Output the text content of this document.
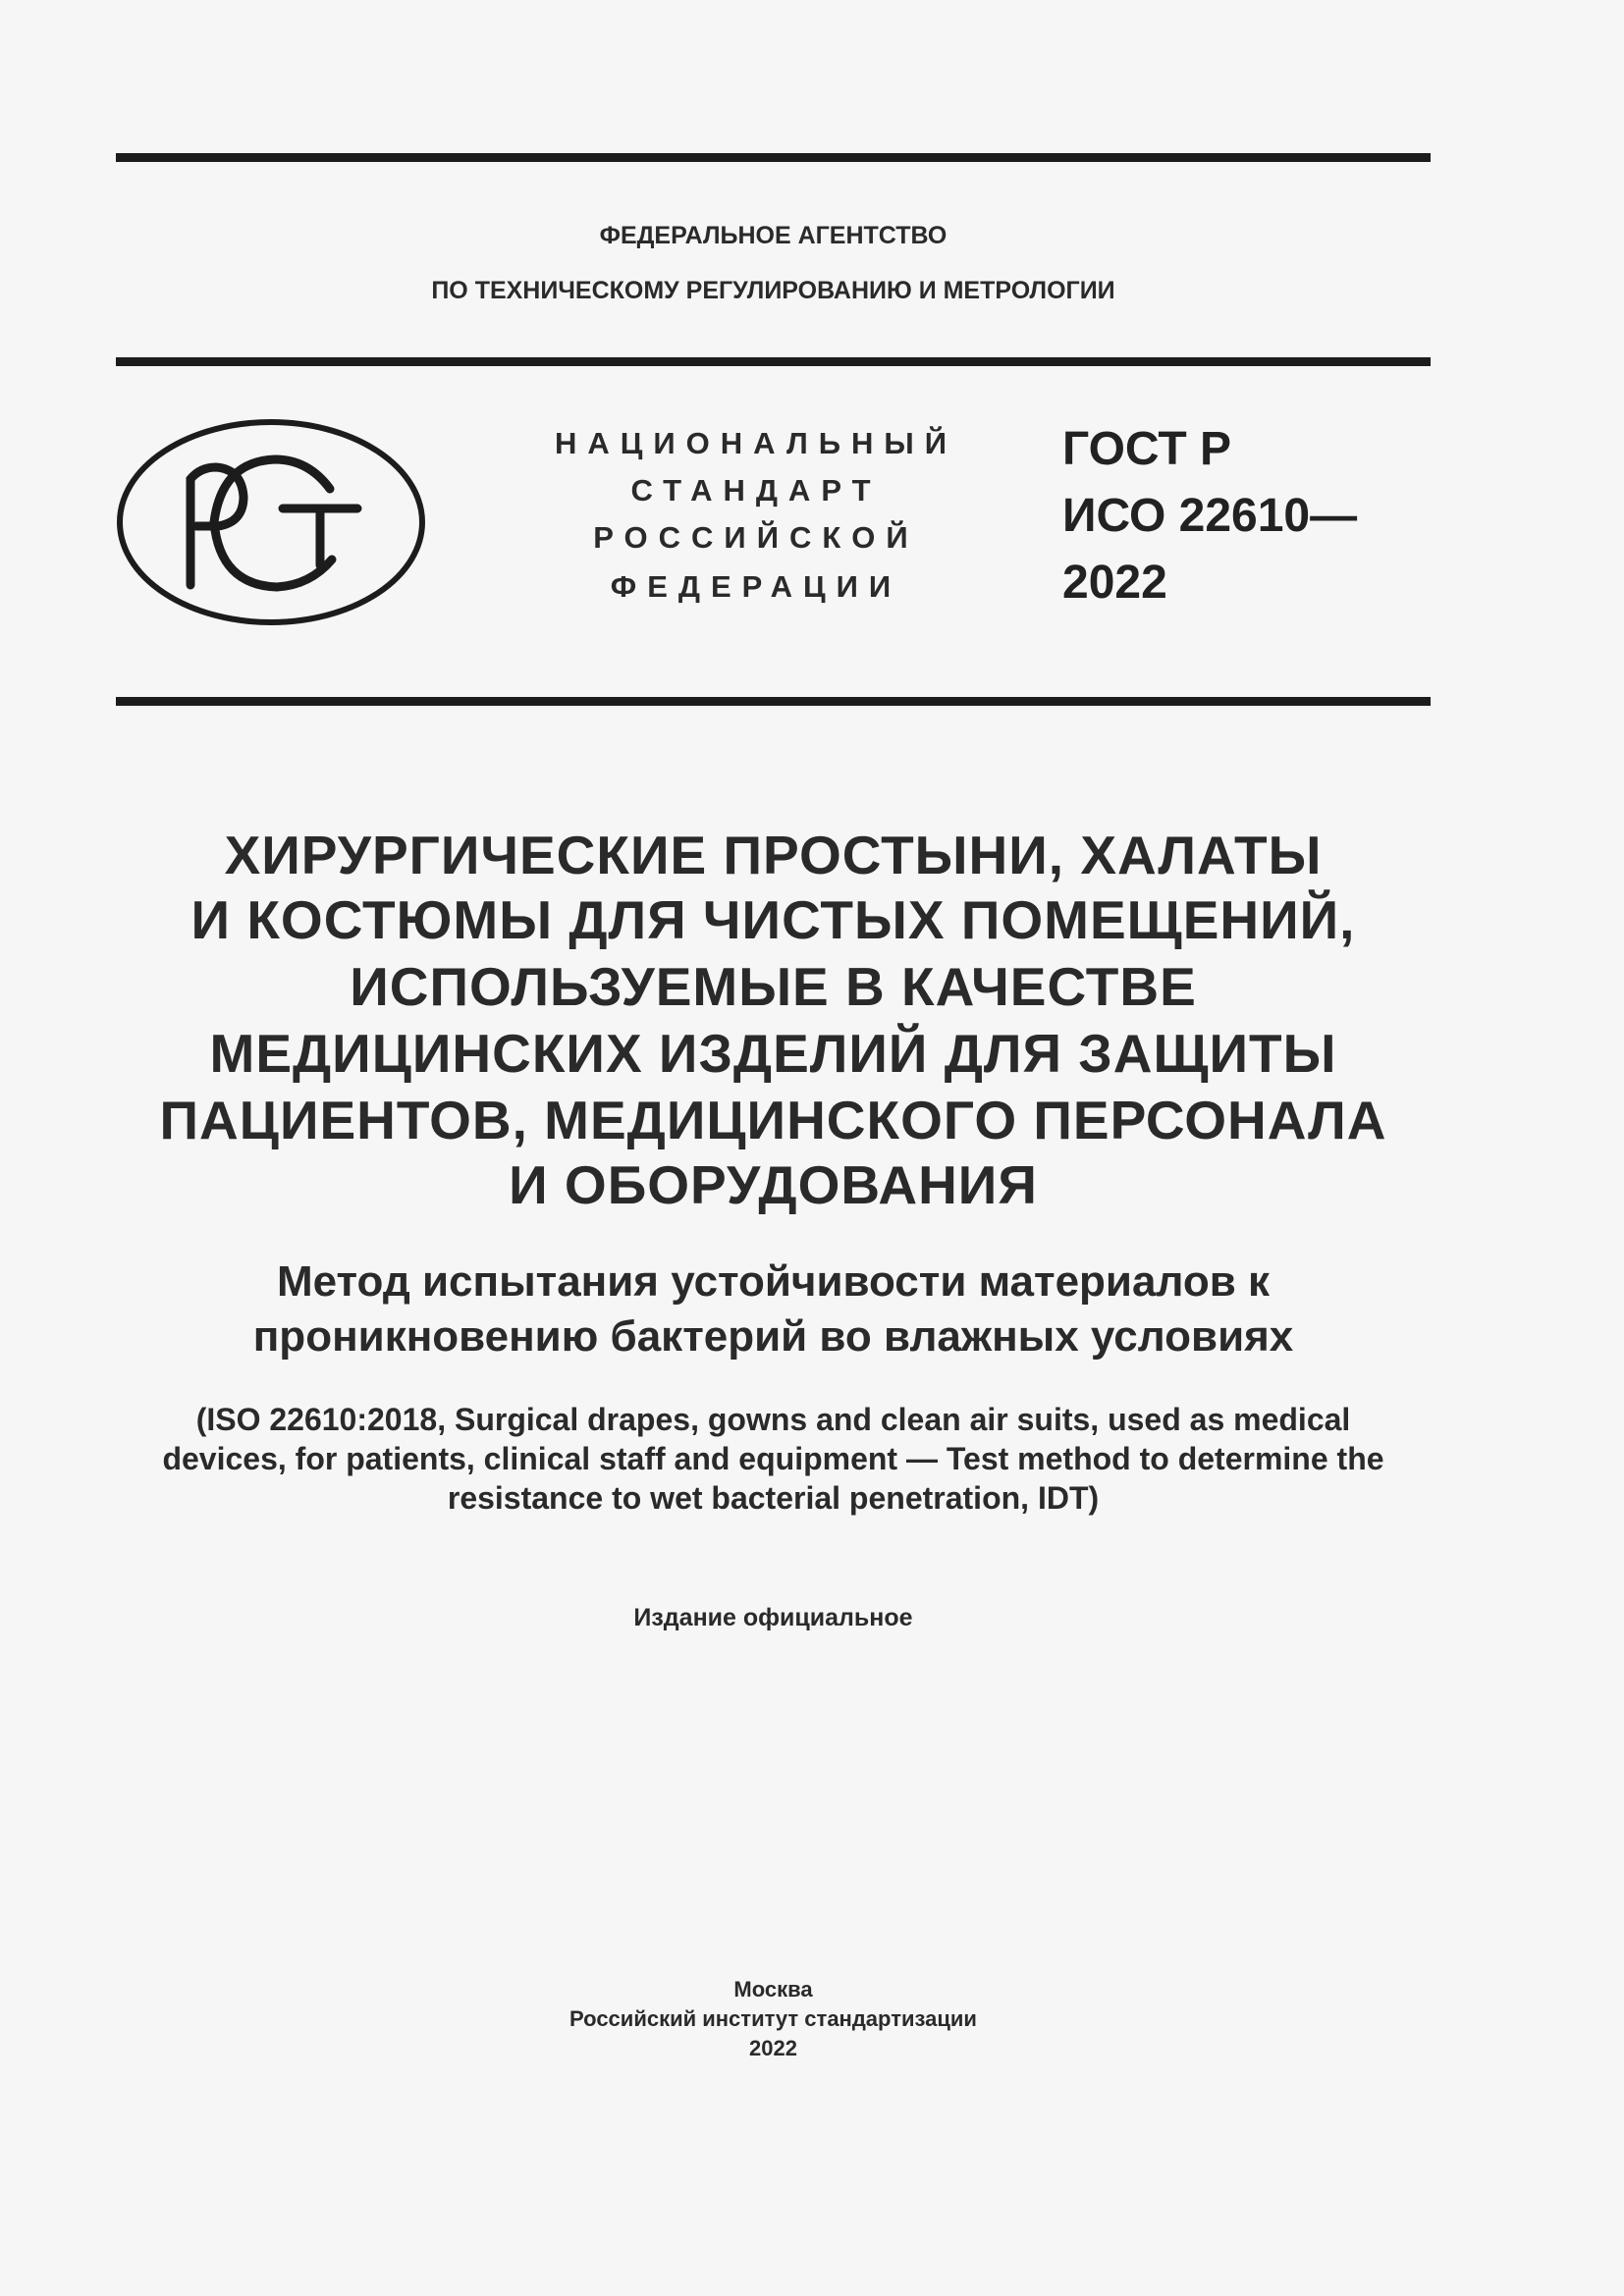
ФЕДЕРАЛЬНОЕ АГЕНТСТВО
ПО ТЕХНИЧЕСКОМУ РЕГУЛИРОВАНИЮ И МЕТРОЛОГИИ
НАЦИОНАЛЬНЫЙ
СТАНДАРТ
РОССИЙСКОЙ
ФЕДЕРАЦИИ
ГОСТ Р
ИСО 22610—
2022
ХИРУРГИЧЕСКИЕ ПРОСТЫНИ, ХАЛАТЫ
И КОСТЮМЫ ДЛЯ ЧИСТЫХ ПОМЕЩЕНИЙ,
ИСПОЛЬЗУЕМЫЕ В КАЧЕСТВЕ
МЕДИЦИНСКИХ ИЗДЕЛИЙ ДЛЯ ЗАЩИТЫ
ПАЦИЕНТОВ, МЕДИЦИНСКОГО ПЕРСОНАЛА
И ОБОРУДОВАНИЯ
Метод испытания устойчивости материалов к
проникновению бактерий во влажных условиях
(ISO 22610:2018, Surgical drapes, gowns and clean air suits, used as medical
devices, for patients, clinical staff and equipment — Test method to determine the
resistance to wet bacterial penetration, IDT)
Издание официальное
Москва
Российский институт стандартизации
2022
